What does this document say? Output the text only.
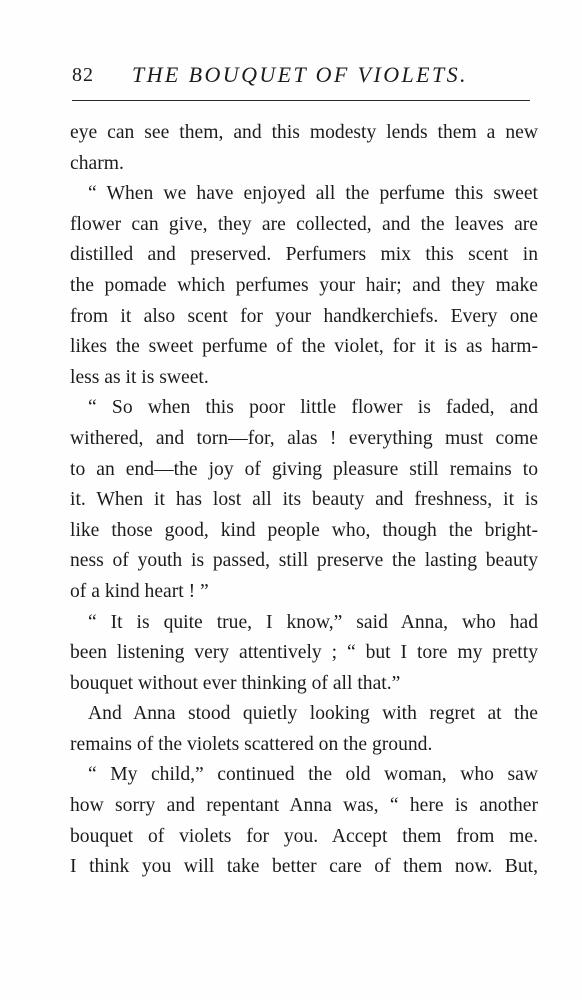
82 THE BOUQUET OF VIOLETS.
eye can see them, and this modesty lends them a new
charm.
“ When we have enjoyed all the perfume this sweet
flower can give, they are collected, and the leaves are
distilled and preserved. Perfumers mix this scent in
the pomade which perfumes your hair; and they make
from it also scent for your handkerchiefs. Every one
likes the sweet perfume of the violet, for it is as harm-
less as it is sweet.
“ So when this poor little flower is faded, and
withered, and torn—for, alas ! everything must come
to an end—the joy of giving pleasure still remains to
it. When it has lost all its beauty and freshness, it is
like those good, kind people who, though the bright-
ness of youth is passed, still preserve the lasting beauty
of a kind heart ! ”
“ It is quite true, I know,” said Anna, who had
been listening very attentively ; “ but I tore my pretty
bouquet without ever thinking of all that.”
And Anna stood quietly looking with regret at the
remains of the violets scattered on the ground.
“ My child,” continued the old woman, who saw
how sorry and repentant Anna was, “ here is another
bouquet of violets for you. Accept them from me.
I think you will take better care of them now. But,
